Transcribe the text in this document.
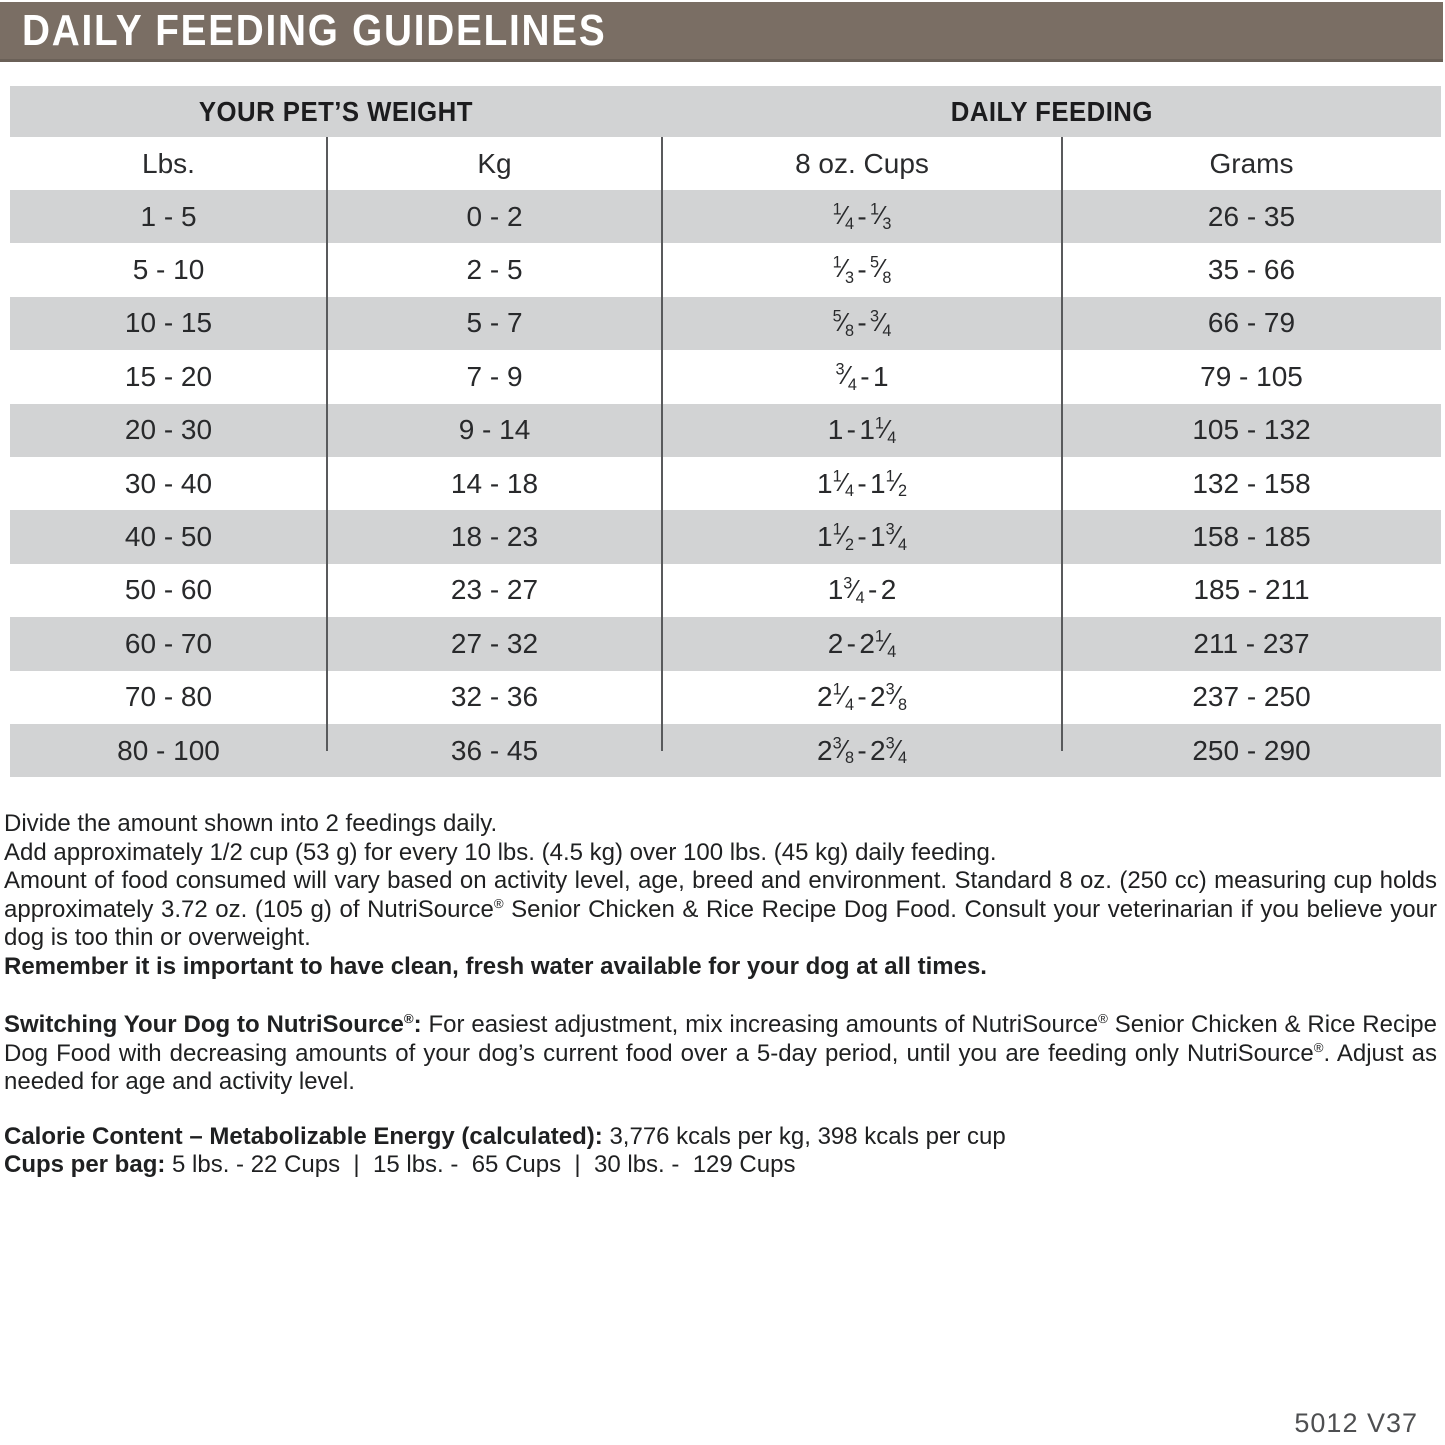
DAILY FEEDING GUIDELINES
YOUR PET’S WEIGHT	DAILY FEEDING
Lbs.	Kg	8 oz. Cups	Grams
1 - 5	0 - 2	$^1$⁄4 - $^1$⁄3	26 - 35
5 - 10	2 - 5	$^1$⁄3 - $^5$⁄8	35 - 66
10 - 15	5 - 7	$^5$⁄8 - $^3$⁄4	66 - 79
15 - 20	7 - 9	$^3$⁄4 - 1	79 - 105
20 - 30	9 - 14	1 - 1 $^1$⁄4	105 - 132
30 - 40	14 - 18	1 $^1$⁄4 - 1 $^1$⁄2	132 - 158
40 - 50	18 - 23	1 $^1$⁄2 - 1 $^3$⁄4	158 - 185
50 - 60	23 - 27	1 $^3$⁄4 - 2	185 - 211
60 - 70	27 - 32	2 - 2 $^1$⁄4	211 - 237
70 - 80	32 - 36	2 $^1$⁄4 - 2 $^3$⁄8	237 - 250
80 - 100	36 - 45	2 $^3$⁄8 - 2 $^3$⁄4	250 - 290

Divide the amount shown into 2 feedings daily.

Add approximately 1/2 cup (53 g) for every 10 lbs. (4.5 kg) over 100 lbs. (45 kg) daily feeding.

Amount of food consumed will vary based on activity level, age, breed and environment. Standard 8 oz. (250 cc) measuring cup holds approximately 3.72 oz. (105 g) of NutriSource® Senior Chicken & Rice Recipe Dog Food. Consult your veterinarian if you believe your dog is too thin or overweight.

Remember it is important to have clean, fresh water available for your dog at all times.

Switching Your Dog to NutriSource®: For easiest adjustment, mix increasing amounts of NutriSource® Senior Chicken & Rice Recipe Dog Food with decreasing amounts of your dog’s current food over a 5-day period, until you are feeding only NutriSource®. Adjust as needed for age and activity level.

Calorie Content – Metabolizable Energy (calculated): 3,776 kcals per kg, 398 kcals per cup

Cups per bag: 5 lbs. - 22 Cups  |  15 lbs. -  65 Cups  |  30 lbs. -  129 Cups

5012 V37
